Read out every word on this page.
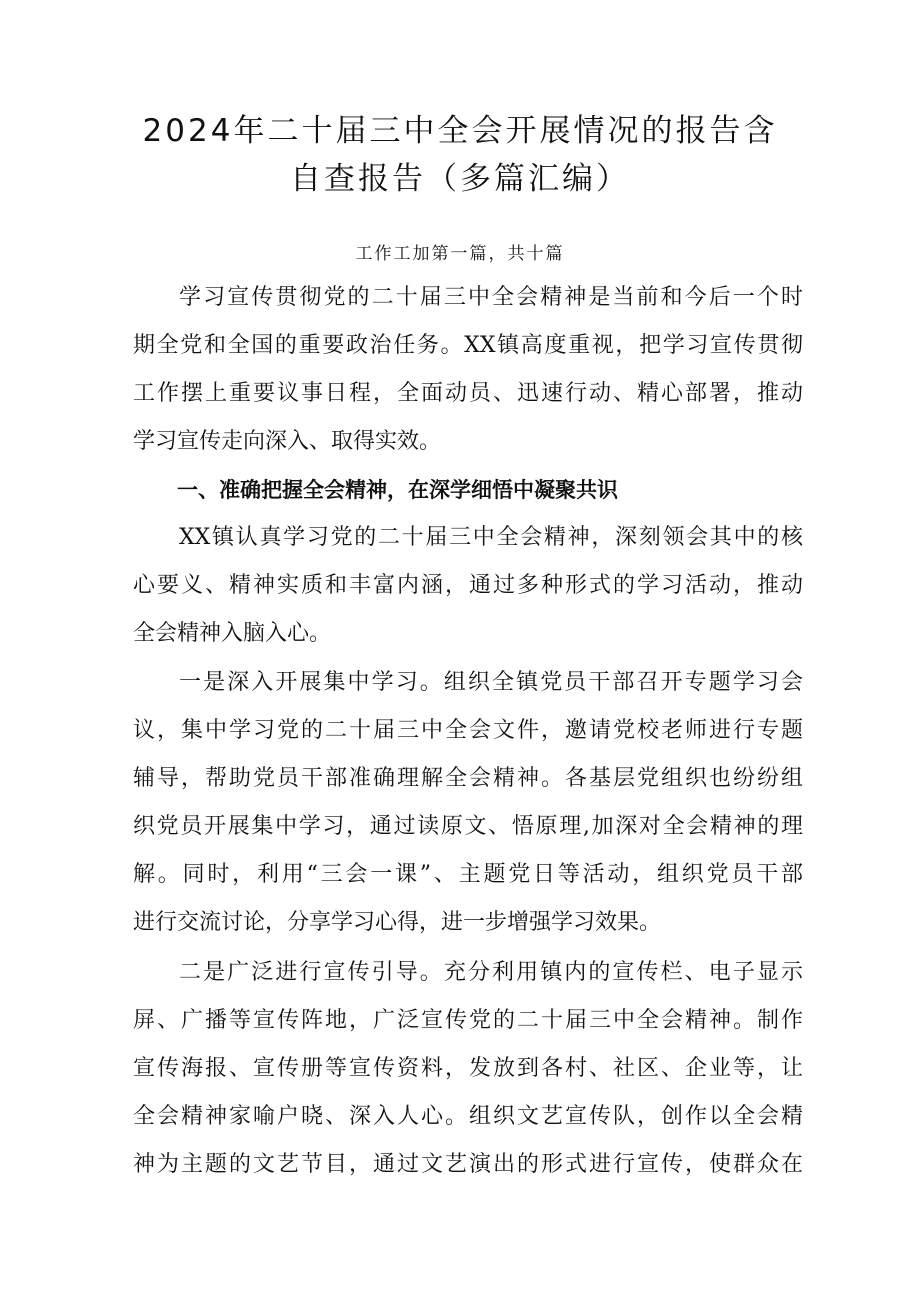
2024年二十届三中全会开展情况的报告含
自查报告（多篇汇编）
工作工加第一篇，共十篇
学习宣传贯彻党的二十届三中全会精神是当前和今后一个时
期全党和全国的重要政治任务。XX镇高度重视，把学习宣传贯彻
工作摆上重要议事日程，全面动员、迅速行动、精心部署，推动
学习宣传走向深入、取得实效。
一、准确把握全会精神，在深学细悟中凝聚共识
XX镇认真学习党的二十届三中全会精神，深刻领会其中的核
心要义、精神实质和丰富内涵，通过多种形式的学习活动，推动
全会精神入脑入心。
一是深入开展集中学习。组织全镇党员干部召开专题学习会
议，集中学习党的二十届三中全会文件，邀请党校老师进行专题
辅导，帮助党员干部准确理解全会精神。各基层党组织也纷纷组
织党员开展集中学习，通过读原文、悟原理,加深对全会精神的理
解。同时，利用“三会一课”、主题党日等活动，组织党员干部
进行交流讨论，分享学习心得，进一步增强学习效果。
二是广泛进行宣传引导。充分利用镇内的宣传栏、电子显示
屏、广播等宣传阵地，广泛宣传党的二十届三中全会精神。制作
宣传海报、宣传册等宣传资料，发放到各村、社区、企业等，让
全会精神家喻户晓、深入人心。组织文艺宣传队，创作以全会精
神为主题的文艺节目，通过文艺演出的形式进行宣传，使群众在
